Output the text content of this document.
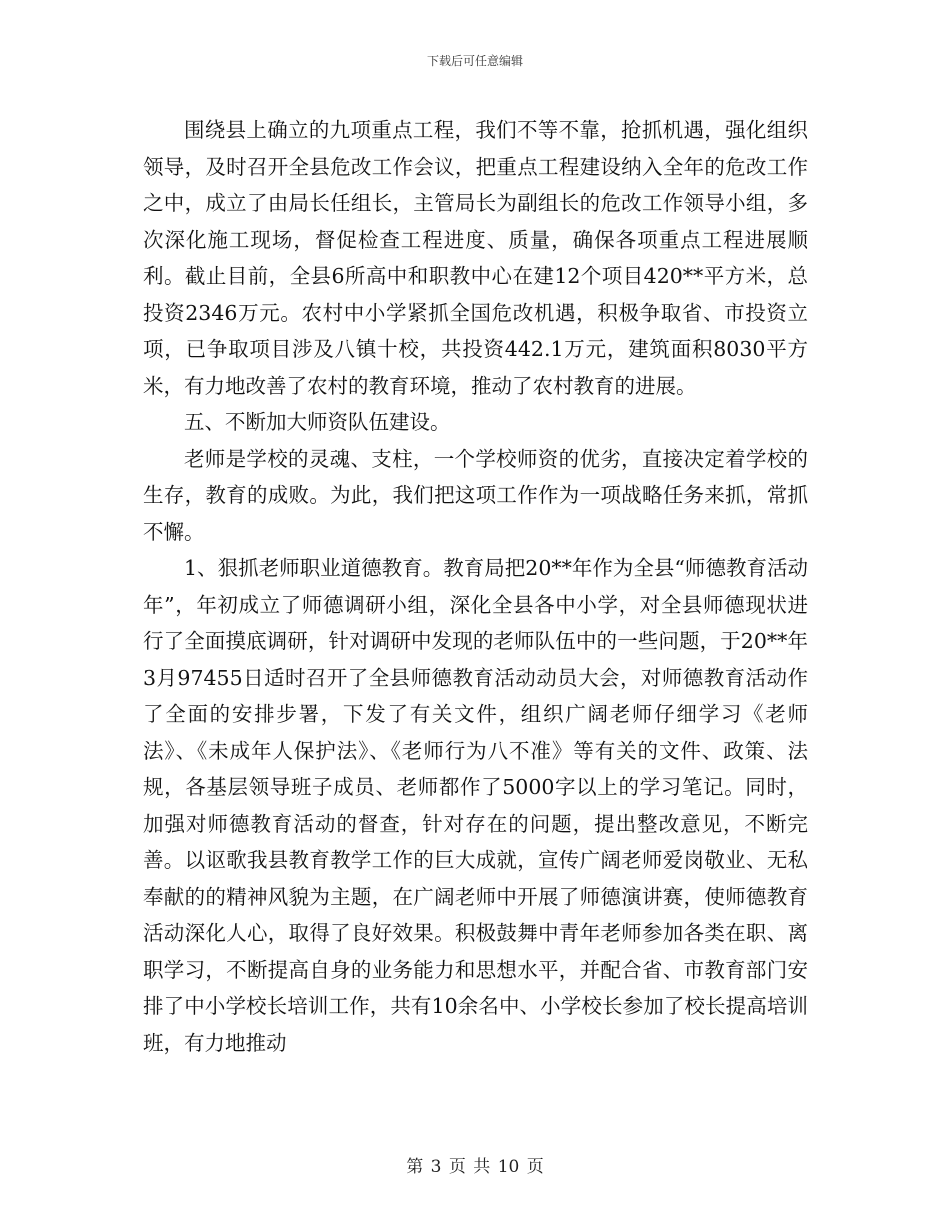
下载后可任意编辑

围绕县上确立的九项重点工程，我们不等不靠，抢抓机遇，强化组织领导，及时召开全县危改工作会议，把重点工程建设纳入全年的危改工作之中，成立了由局长任组长，主管局长为副组长的危改工作领导小组，多次深化施工现场，督促检查工程进度、质量，确保各项重点工程进展顺利。截止目前，全县6所高中和职教中心在建12个项目420**平方米，总投资2346万元。农村中小学紧抓全国危改机遇，积极争取省、市投资立项，已争取项目涉及八镇十校，共投资442.1万元，建筑面积8030平方米，有力地改善了农村的教育环境，推动了农村教育的进展。

五、不断加大师资队伍建设。

老师是学校的灵魂、支柱，一个学校师资的优劣，直接决定着学校的生存，教育的成败。为此，我们把这项工作作为一项战略任务来抓，常抓不懈。

1、狠抓老师职业道德教育。教育局把20**年作为全县“师德教育活动年”，年初成立了师德调研小组，深化全县各中小学，对全县师德现状进行了全面摸底调研，针对调研中发现的老师队伍中的一些问题，于20**年3月97455日适时召开了全县师德教育活动动员大会，对师德教育活动作了全面的安排步署，下发了有关文件，组织广阔老师仔细学习《老师法》、《未成年人保护法》、《老师行为八不准》等有关的文件、政策、法规，各基层领导班子成员、老师都作了5000字以上的学习笔记。同时，加强对师德教育活动的督查，针对存在的问题，提出整改意见，不断完善。以讴歌我县教育教学工作的巨大成就，宣传广阔老师爱岗敬业、无私奉献的的精神风貌为主题，在广阔老师中开展了师德演讲赛，使师德教育活动深化人心，取得了良好效果。积极鼓舞中青年老师参加各类在职、离职学习，不断提高自身的业务能力和思想水平，并配合省、市教育部门安排了中小学校长培训工作，共有10余名中、小学校长参加了校长提高培训班，有力地推动

第 3 页 共 10 页
